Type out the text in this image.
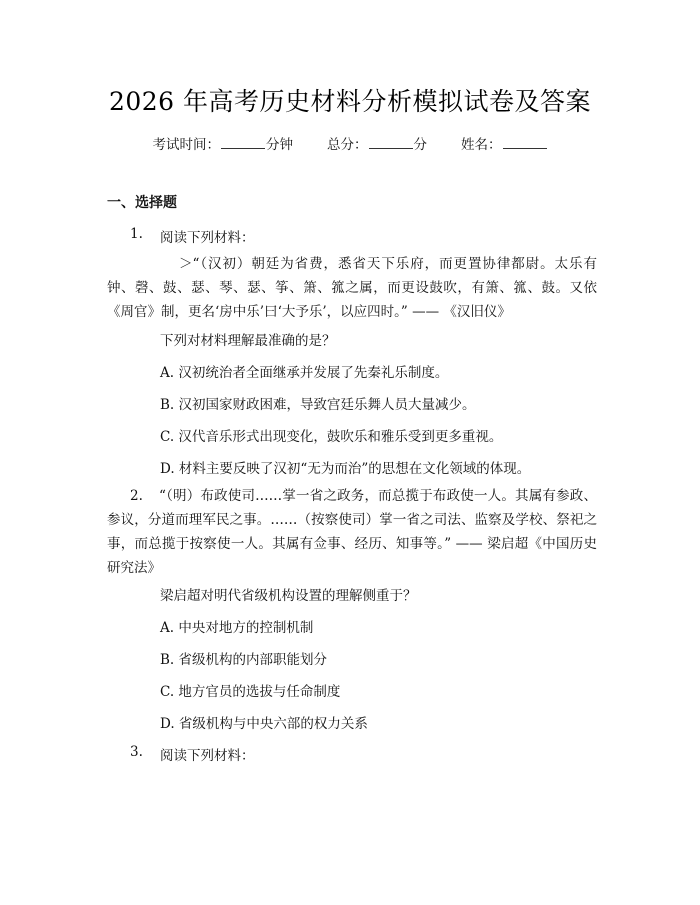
2026 年高考历史材料分析模拟试卷及答案
考试时间：	分钟	总分：	分	姓名：
一、选择题
1. 阅读下列材料：
＞“（汉初）朝廷为省费，悉省天下乐府，而更置协律都尉。太乐有钟、磬、鼓、瑟、琴、瑟、筝、箫、箛之属，而更设鼓吹，有箫、箛、鼓。又依《周官》制，更名‘房中乐’曰‘大予乐’，以应四时。” —— 《汉旧仪》
下列对材料理解最准确的是？
A. 汉初统治者全面继承并发展了先秦礼乐制度。
B. 汉初国家财政困难，导致宫廷乐舞人员大量减少。
C. 汉代音乐形式出现变化，鼓吹乐和雅乐受到更多重视。
D. 材料主要反映了汉初“无为而治”的思想在文化领域的体现。
2.	“（明）布政使司……掌一省之政务，而总揽于布政使一人。其属有参政、参议，分道而理军民之事。……（按察使司）掌一省之司法、监察及学校、祭祀之事，而总揽于按察使一人。其属有佥事、经历、知事等。” —— 梁启超《中国历史研究法》
梁启超对明代省级机构设置的理解侧重于？
A. 中央对地方的控制机制
B. 省级机构的内部职能划分
C. 地方官员的选拔与任命制度
D. 省级机构与中央六部的权力关系
3. 阅读下列材料：
